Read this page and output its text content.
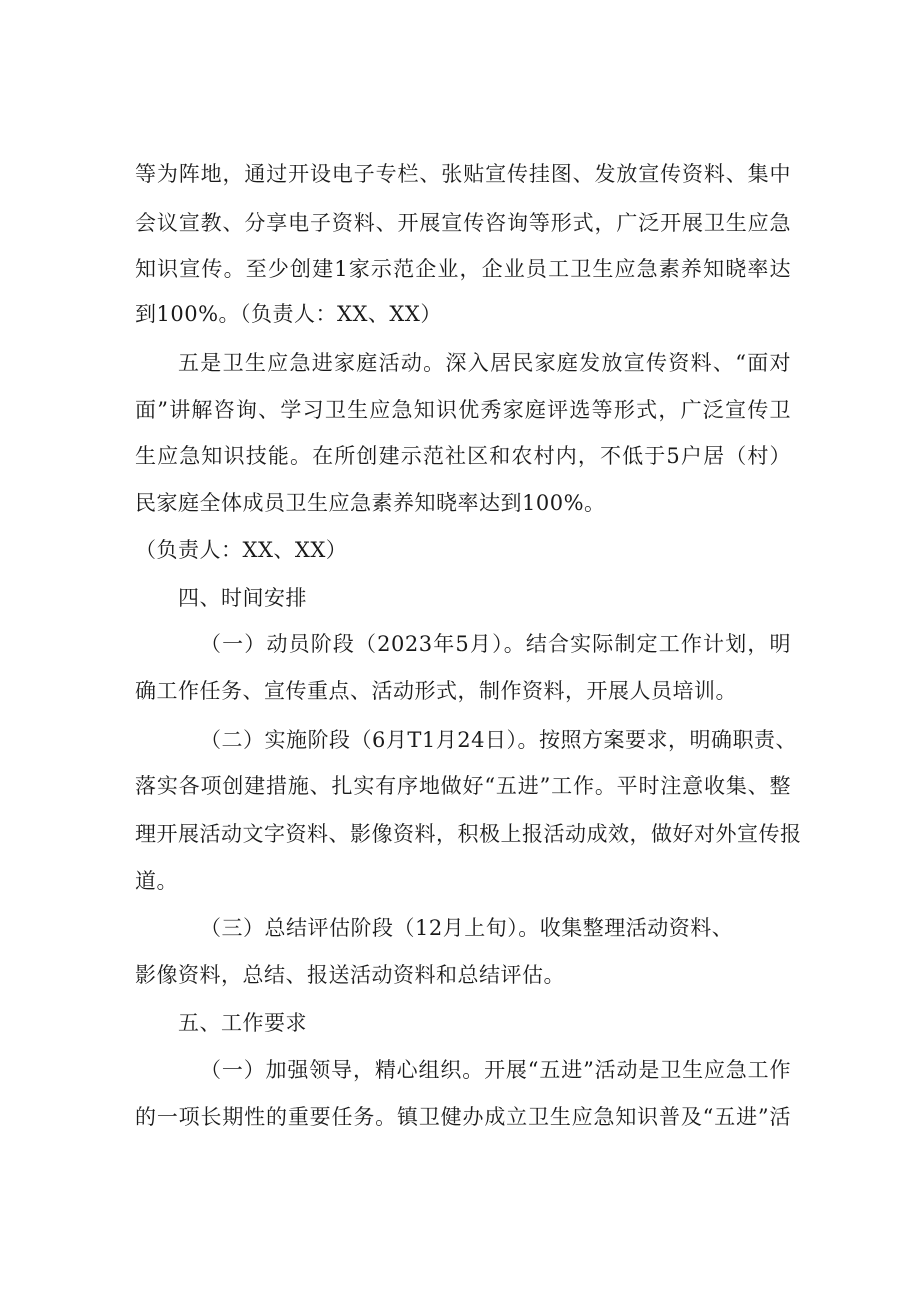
等为阵地，通过开设电子专栏、张贴宣传挂图、发放宣传资料、集中
会议宣教、分享电子资料、开展宣传咨询等形式，广泛开展卫生应急
知识宣传。至少创建1家示范企业，企业员工卫生应急素养知晓率达
到100%。（负责人：XX、XX）
五是卫生应急进家庭活动。深入居民家庭发放宣传资料、“面对
面”讲解咨询、学习卫生应急知识优秀家庭评选等形式，广泛宣传卫
生应急知识技能。在所创建示范社区和农村内，不低于5户居（村）
民家庭全体成员卫生应急素养知晓率达到100%。
（负责人：XX、XX）
四、时间安排
（一）动员阶段（2023年5月）。结合实际制定工作计划，明
确工作任务、宣传重点、活动形式，制作资料，开展人员培训。
（二）实施阶段（6月T1月24日）。按照方案要求，明确职责、
落实各项创建措施、扎实有序地做好“五进”工作。平时注意收集、整
理开展活动文字资料、影像资料，积极上报活动成效，做好对外宣传报
道。
（三）总结评估阶段（12月上旬）。收集整理活动资料、
影像资料，总结、报送活动资料和总结评估。
五、工作要求
（一）加强领导，精心组织。开展“五进”活动是卫生应急工作
的一项长期性的重要任务。镇卫健办成立卫生应急知识普及“五进”活
